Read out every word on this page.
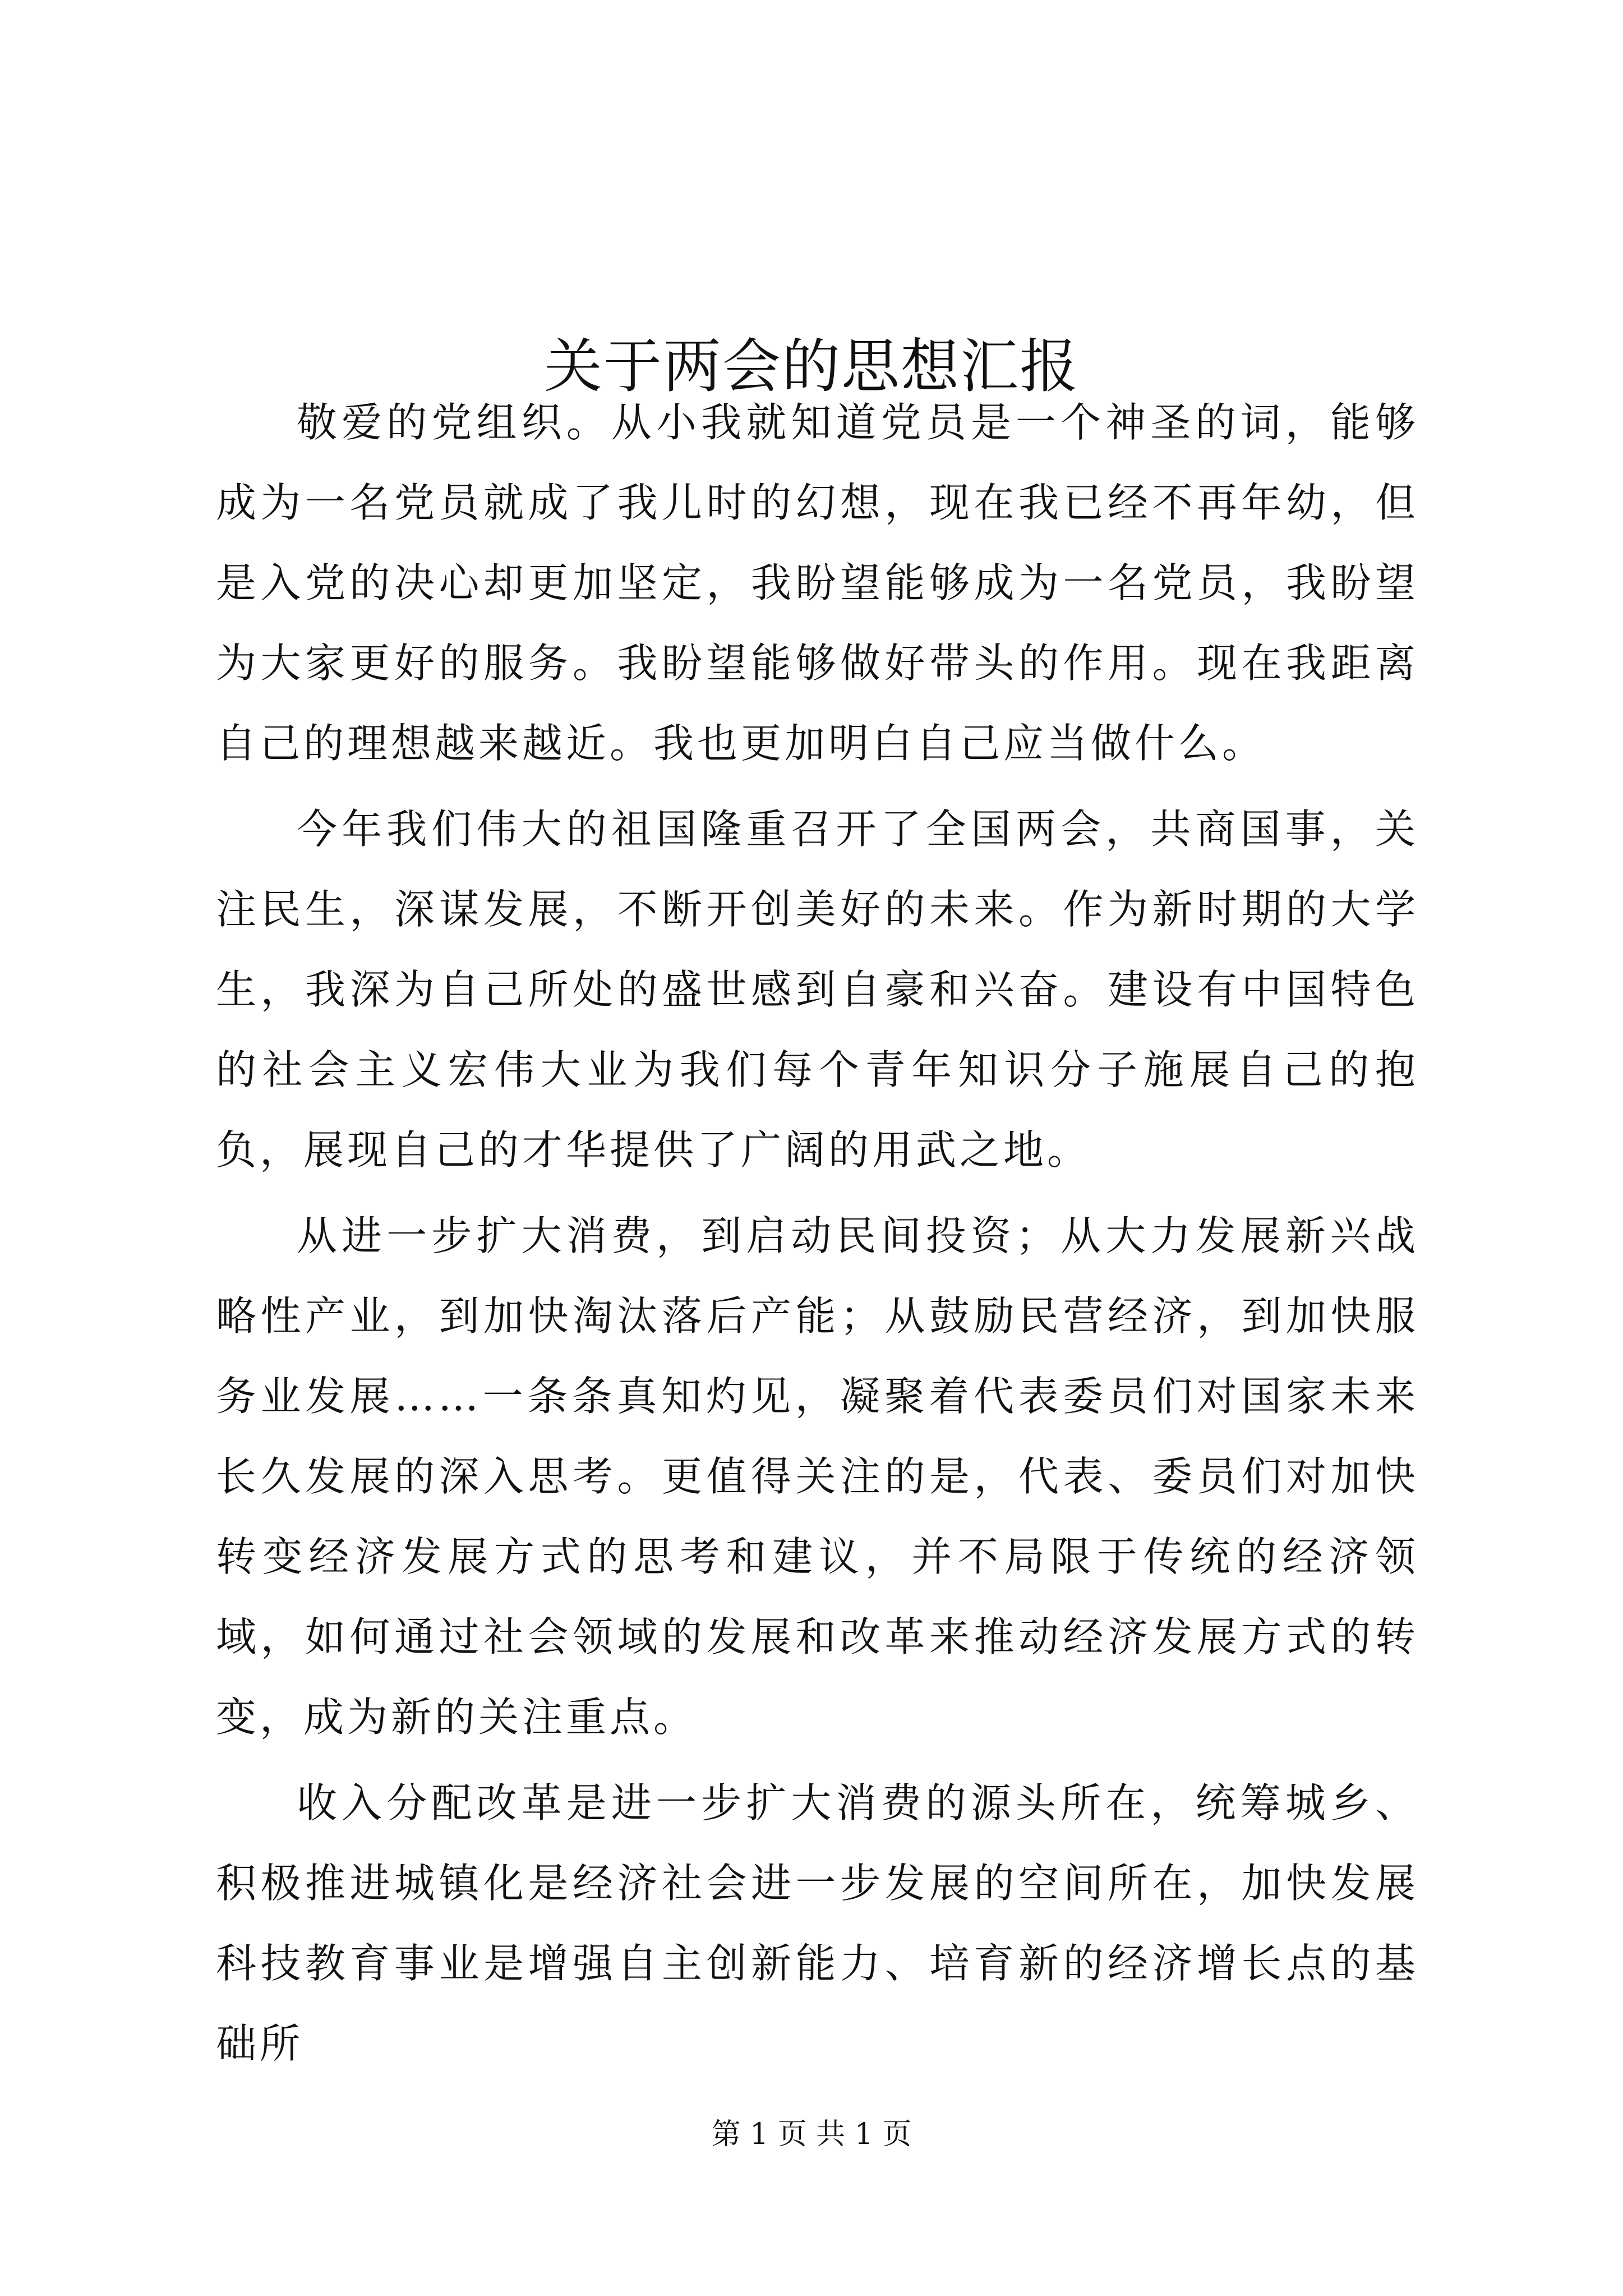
关于两会的思想汇报

敬爱的党组织。从小我就知道党员是一个神圣的词，能够成为一名党员就成了我儿时的幻想，现在我已经不再年幼，但是入党的决心却更加坚定，我盼望能够成为一名党员，我盼望为大家更好的服务。我盼望能够做好带头的作用。现在我距离自己的理想越来越近。我也更加明白自己应当做什么。

今年我们伟大的祖国隆重召开了全国两会，共商国事，关注民生，深谋发展，不断开创美好的未来。作为新时期的大学生，我深为自己所处的盛世感到自豪和兴奋。建设有中国特色的社会主义宏伟大业为我们每个青年知识分子施展自己的抱负，展现自己的才华提供了广阔的用武之地。

从进一步扩大消费，到启动民间投资；从大力发展新兴战略性产业，到加快淘汰落后产能；从鼓励民营经济，到加快服务业发展……一条条真知灼见，凝聚着代表委员们对国家未来长久发展的深入思考。更值得关注的是，代表、委员们对加快转变经济发展方式的思考和建议，并不局限于传统的经济领域，如何通过社会领域的发展和改革来推动经济发展方式的转变，成为新的关注重点。

收入分配改革是进一步扩大消费的源头所在，统筹城乡、积极推进城镇化是经济社会进一步发展的空间所在，加快发展科技教育事业是增强自主创新能力、培育新的经济增长点的基础所

第 1 页 共 1 页
